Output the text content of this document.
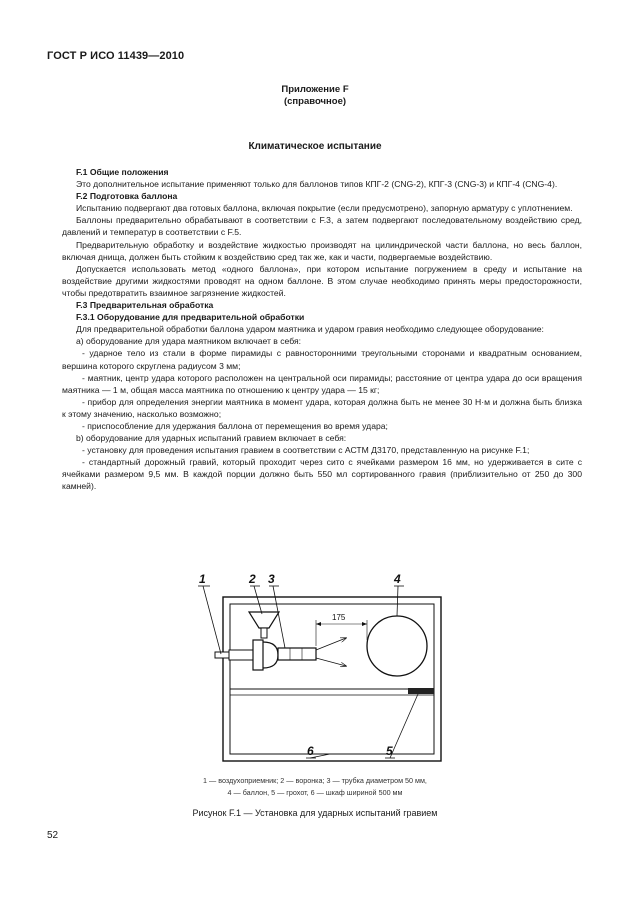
ГОСТ Р ИСО 11439—2010
Приложение F
(справочное)
Климатическое испытание

F.1 Общие положения

Это дополнительное испытание применяют только для баллонов типов КПГ-2 (CNG-2), КПГ-3 (CNG-3) и КПГ-4 (CNG-4).

F.2 Подготовка баллона

Испытанию подвергают два готовых баллона, включая покрытие (если предусмотрено), запорную арматуру с уплотнением.

Баллоны предварительно обрабатывают в соответствии с F.3, а затем подвергают последовательному воздействию сред, давлений и температур в соответствии с F.5.

Предварительную обработку и воздействие жидкостью производят на цилиндрической части баллона, но весь баллон, включая днища, должен быть стойким к воздействию сред так же, как и части, подвергаемые воздействию.

Допускается использовать метод «одного баллона», при котором испытание погружением в среду и испытание на воздействие другими жидкостями проводят на одном баллоне. В этом случае необходимо принять меры предосторожности, чтобы предотвратить взаимное загрязнение жидкостей.

F.3 Предварительная обработка

F.3.1 Оборудование для предварительной обработки

Для предварительной обработки баллона ударом маятника и ударом гравия необходимо следующее оборудование:

a) оборудование для удара маятником включает в себя:

- ударное тело из стали в форме пирамиды с равносторонними треугольными сторонами и квадратным основанием, вершина которого скруглена радиусом 3 мм;

- маятник, центр удара которого расположен на центральной оси пирамиды; расстояние от центра удара до оси вращения маятника — 1 м, общая масса маятника по отношению к центру удара — 15 кг;

- прибор для определения энергии маятника в момент удара, которая должна быть не менее 30 Н·м и должна быть близка к этому значению, насколько возможно;

- приспособление для удержания баллона от перемещения во время удара;

b) оборудование для ударных испытаний гравием включает в себя:

- установку для проведения испытания гравием в соответствии с АСТМ Д3170, представленную на рисунке F.1;

- стандартный дорожный гравий, который проходит через сито с ячейками размером 16 мм, но удерживается в сите с ячейками размером 9,5 мм. В каждой порции должно быть 550 мл сортированного гравия (приблизительно от 250 до 300 камней).

175
1	2 3	4
5
6
1 — воздухоприемник; 2 — воронка; 3 — трубка диаметром 50 мм,
4 — баллон, 5 — грохот, 6 — шкаф шириной 500 мм
Рисунок F.1 — Установка для ударных испытаний гравием
52
